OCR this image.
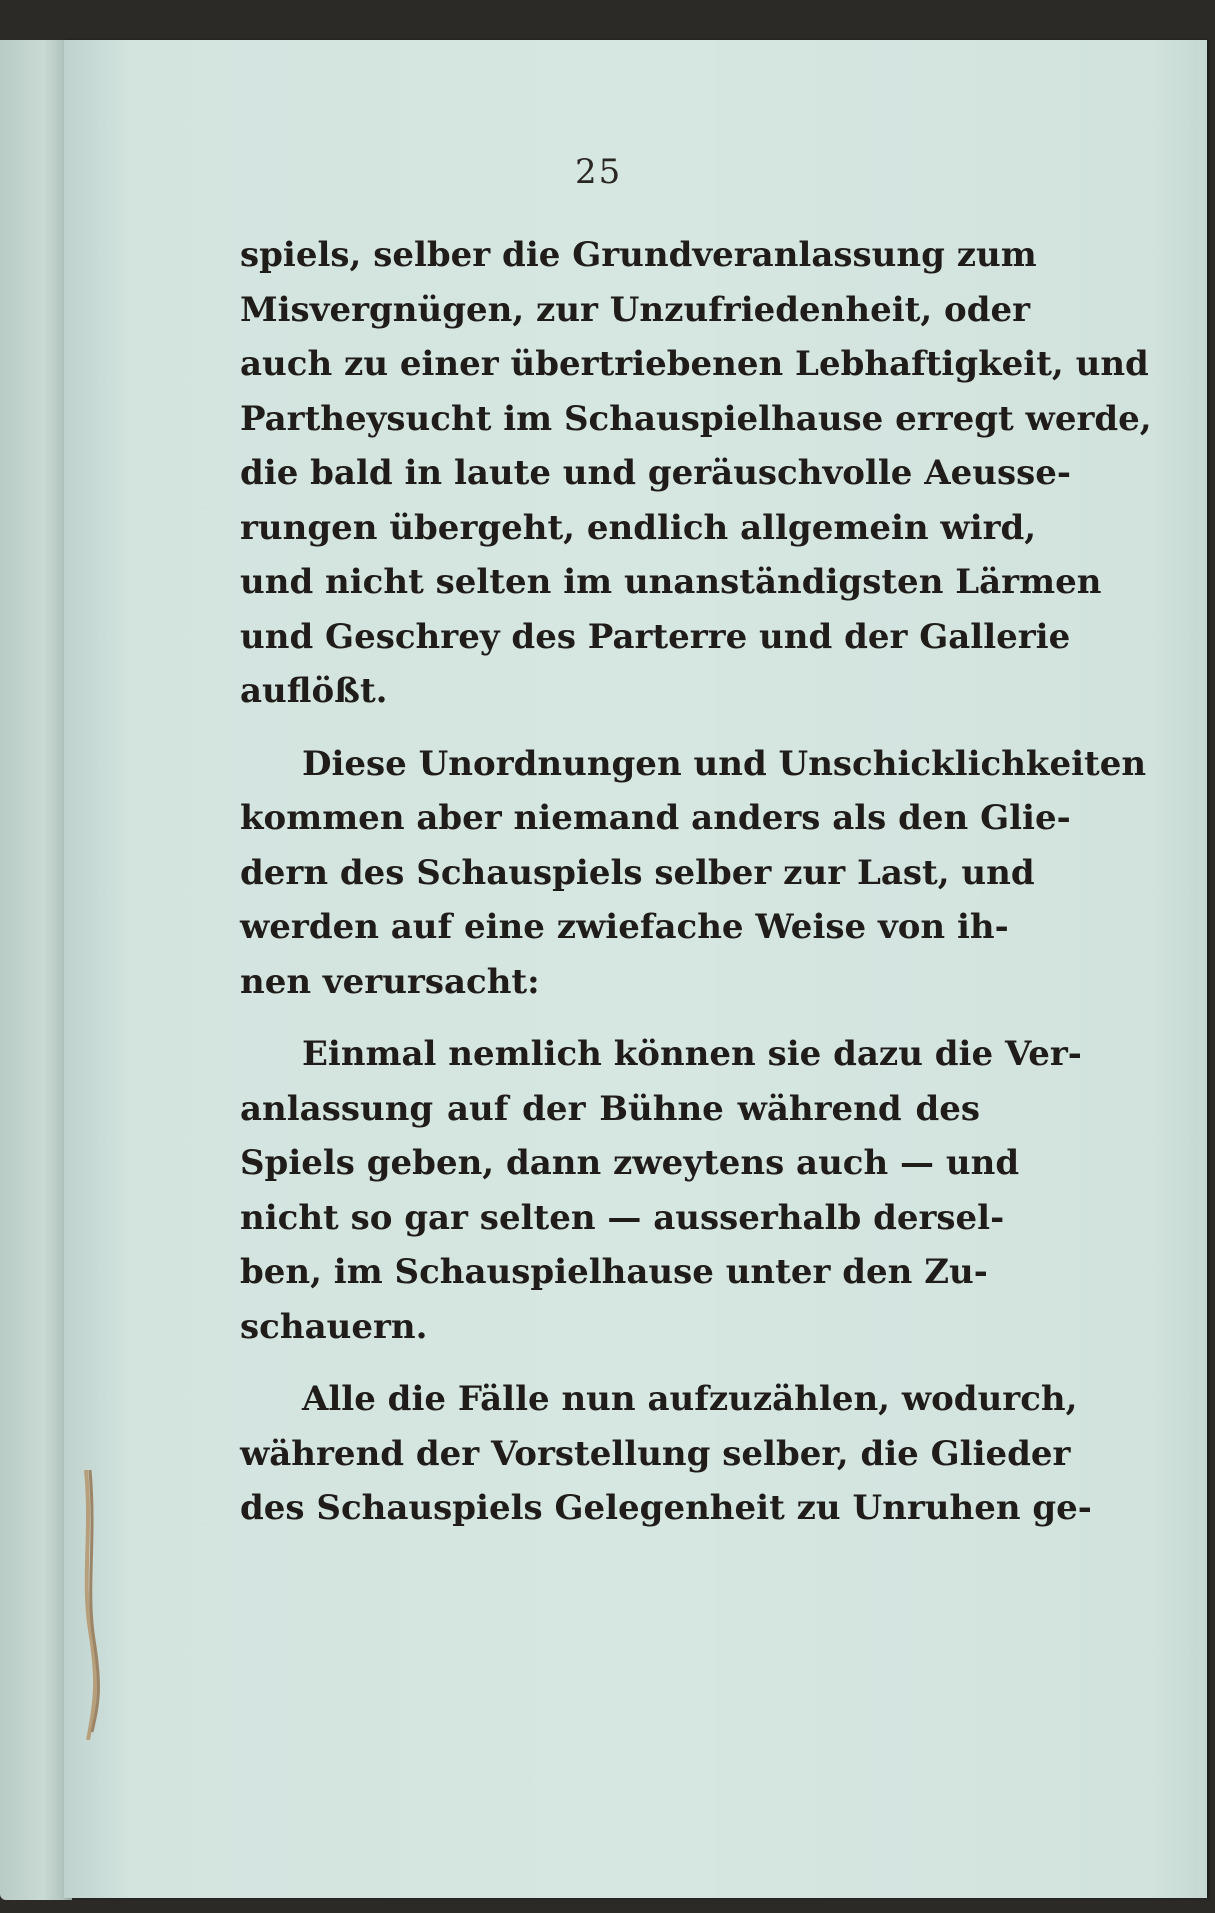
25
spiels, selber die Grundveranlassung zum
Misvergnügen, zur Unzufriedenheit, oder
auch zu einer übertriebenen Lebhaftigkeit, und
Partheysucht im Schauspielhause erregt werde,
die bald in laute und geräuschvolle Aeusse-
rungen übergeht, endlich allgemein wird,
und nicht selten im unanständigsten Lärmen
und Geschrey des Parterre und der Gallerie
auflößt.
Diese Unordnungen und Unschicklichkeiten
kommen aber niemand anders als den Glie-
dern des Schauspiels selber zur Last, und
werden auf eine zwiefache Weise von ih-
nen verursacht:
Einmal nemlich können sie dazu die Ver-
anlassung auf der Bühne während des
Spiels geben, dann zweytens auch — und
nicht so gar selten — ausserhalb dersel-
ben, im Schauspielhause unter den Zu-
schauern.
Alle die Fälle nun aufzuzählen, wodurch,
während der Vorstellung selber, die Glieder
des Schauspiels Gelegenheit zu Unruhen ge-
